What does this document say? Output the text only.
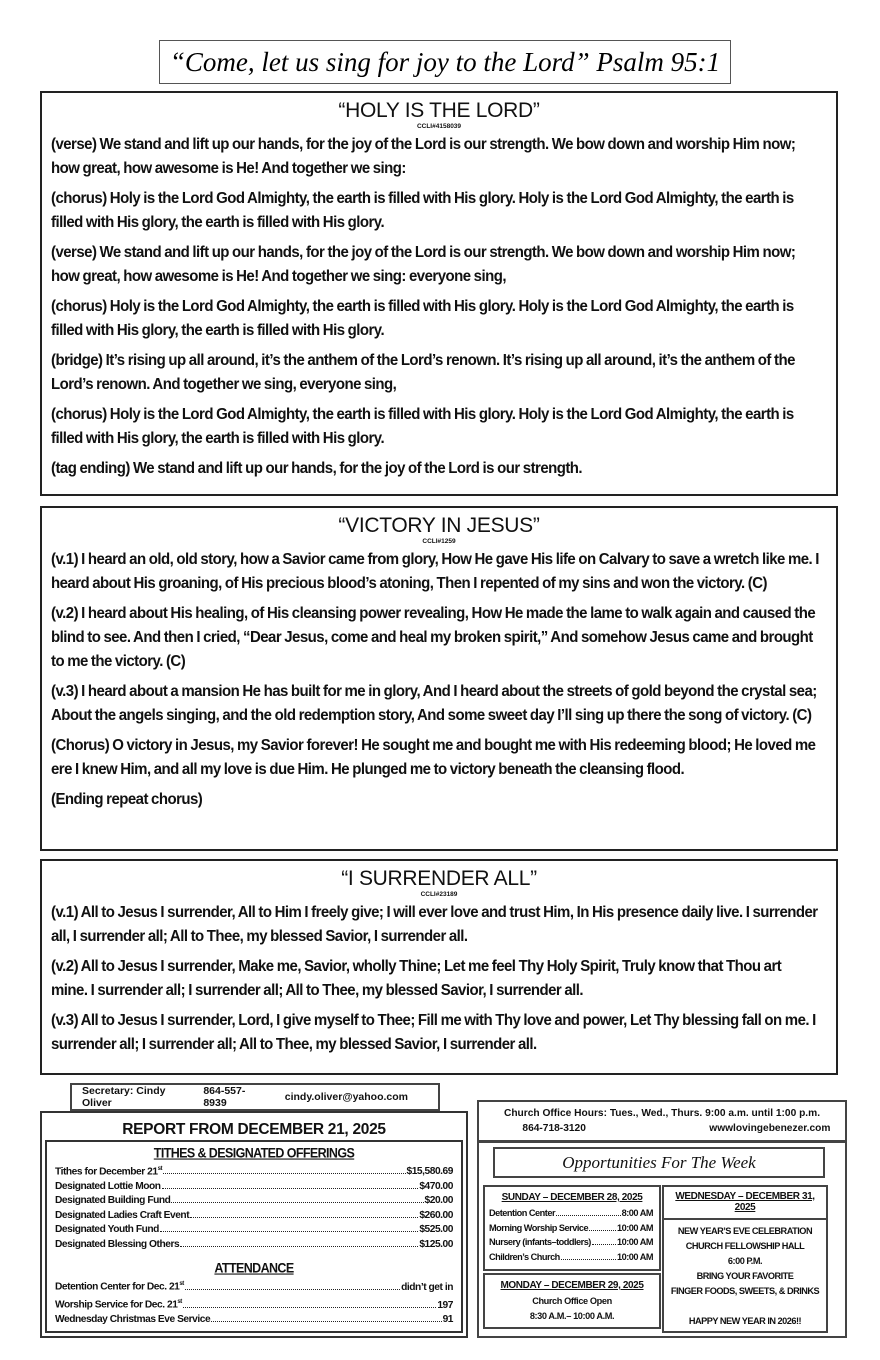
“Come, let us sing for joy to the Lord” Psalm 95:1
“HOLY IS THE LORD”
CCLI#4158039

(verse) We stand and lift up our hands, for the joy of the Lord is our strength. We bow down and worship Him now; how great, how awesome is He! And together we sing:

(chorus) Holy is the Lord God Almighty, the earth is filled with His glory. Holy is the Lord God Almighty, the earth is filled with His glory, the earth is filled with His glory.

(verse) We stand and lift up our hands, for the joy of the Lord is our strength. We bow down and worship Him now; how great, how awesome is He! And together we sing: everyone sing,

(chorus) Holy is the Lord God Almighty, the earth is filled with His glory. Holy is the Lord God Almighty, the earth is filled with His glory, the earth is filled with His glory.

(bridge) It’s rising up all around, it’s the anthem of the Lord’s renown. It’s rising up all around, it’s the anthem of the Lord’s renown. And together we sing, everyone sing,

(chorus) Holy is the Lord God Almighty, the earth is filled with His glory. Holy is the Lord God Almighty, the earth is filled with His glory, the earth is filled with His glory.

(tag ending) We stand and lift up our hands, for the joy of the Lord is our strength.

“VICTORY IN JESUS”
CCLI#1259

(v.1) I heard an old, old story, how a Savior came from glory, How He gave His life on Calvary to save a wretch like me. I heard about His groaning, of His precious blood’s atoning, Then I repented of my sins and won the victory. (C)

(v.2) I heard about His healing, of His cleansing power revealing, How He made the lame to walk again and caused the blind to see. And then I cried, “Dear Jesus, come and heal my broken spirit,” And somehow Jesus came and brought to me the victory. (C)

(v.3) I heard about a mansion He has built for me in glory, And I heard about the streets of gold beyond the crystal sea; About the angels singing, and the old redemption story, And some sweet day I’ll sing up there the song of victory. (C)

(Chorus) O victory in Jesus, my Savior forever! He sought me and bought me with His redeeming blood; He loved me ere I knew Him, and all my love is due Him. He plunged me to victory beneath the cleansing flood.

(Ending repeat chorus)

“I SURRENDER ALL”
CCLI#23189

(v.1) All to Jesus I surrender, All to Him I freely give; I will ever love and trust Him, In His presence daily live. I surrender all, I surrender all; All to Thee, my blessed Savior, I surrender all.

(v.2) All to Jesus I surrender, Make me, Savior, wholly Thine; Let me feel Thy Holy Spirit, Truly know that Thou art mine. I surrender all; I surrender all; All to Thee, my blessed Savior, I surrender all.

(v.3) All to Jesus I surrender, Lord, I give myself to Thee; Fill me with Thy love and power, Let Thy blessing fall on me. I surrender all; I surrender all; All to Thee, my blessed Savior, I surrender all.

Secretary: Cindy Oliver
864-557-8939	cindy.oliver@yahoo.com
REPORT FROM DECEMBER 21, 2025
TITHES & DESIGNATED OFFERINGS
Tithes for December 21st	$15,580.69
Designated Lottie Moon	$470.00
Designated Building Fund	$20.00
Designated Ladies Craft Event	$260.00
Designated Youth Fund	$525.00
Designated Blessing Others	$125.00
ATTENDANCE
Detention Center for Dec. 21st	didn’t get in
Worship Service for Dec. 21st	197
Wednesday Christmas Eve Service	91
Church Office Hours: Tues., Wed., Thurs. 9:00 a.m. until 1:00 p.m.
864-718-3120	wwwlovingebenezer.com
Opportunities For The Week
SUNDAY – DECEMBER 28, 2025
Detention Center	8:00 AM
Morning Worship Service	10:00 AM
Nursery (infants–toddlers)	10:00 AM
Children’s Church	10:00 AM
MONDAY – DECEMBER 29, 2025
Church Office Open
8:30 A.M.– 10:00 A.M.
WEDNESDAY – DECEMBER 31, 2025
NEW YEAR’S EVE CELEBRATION
CHURCH FELLOWSHIP HALL
6:00 P.M.
BRING YOUR FAVORITE
FINGER FOODS, SWEETS, & DRINKS
HAPPY NEW YEAR IN 2026!!
